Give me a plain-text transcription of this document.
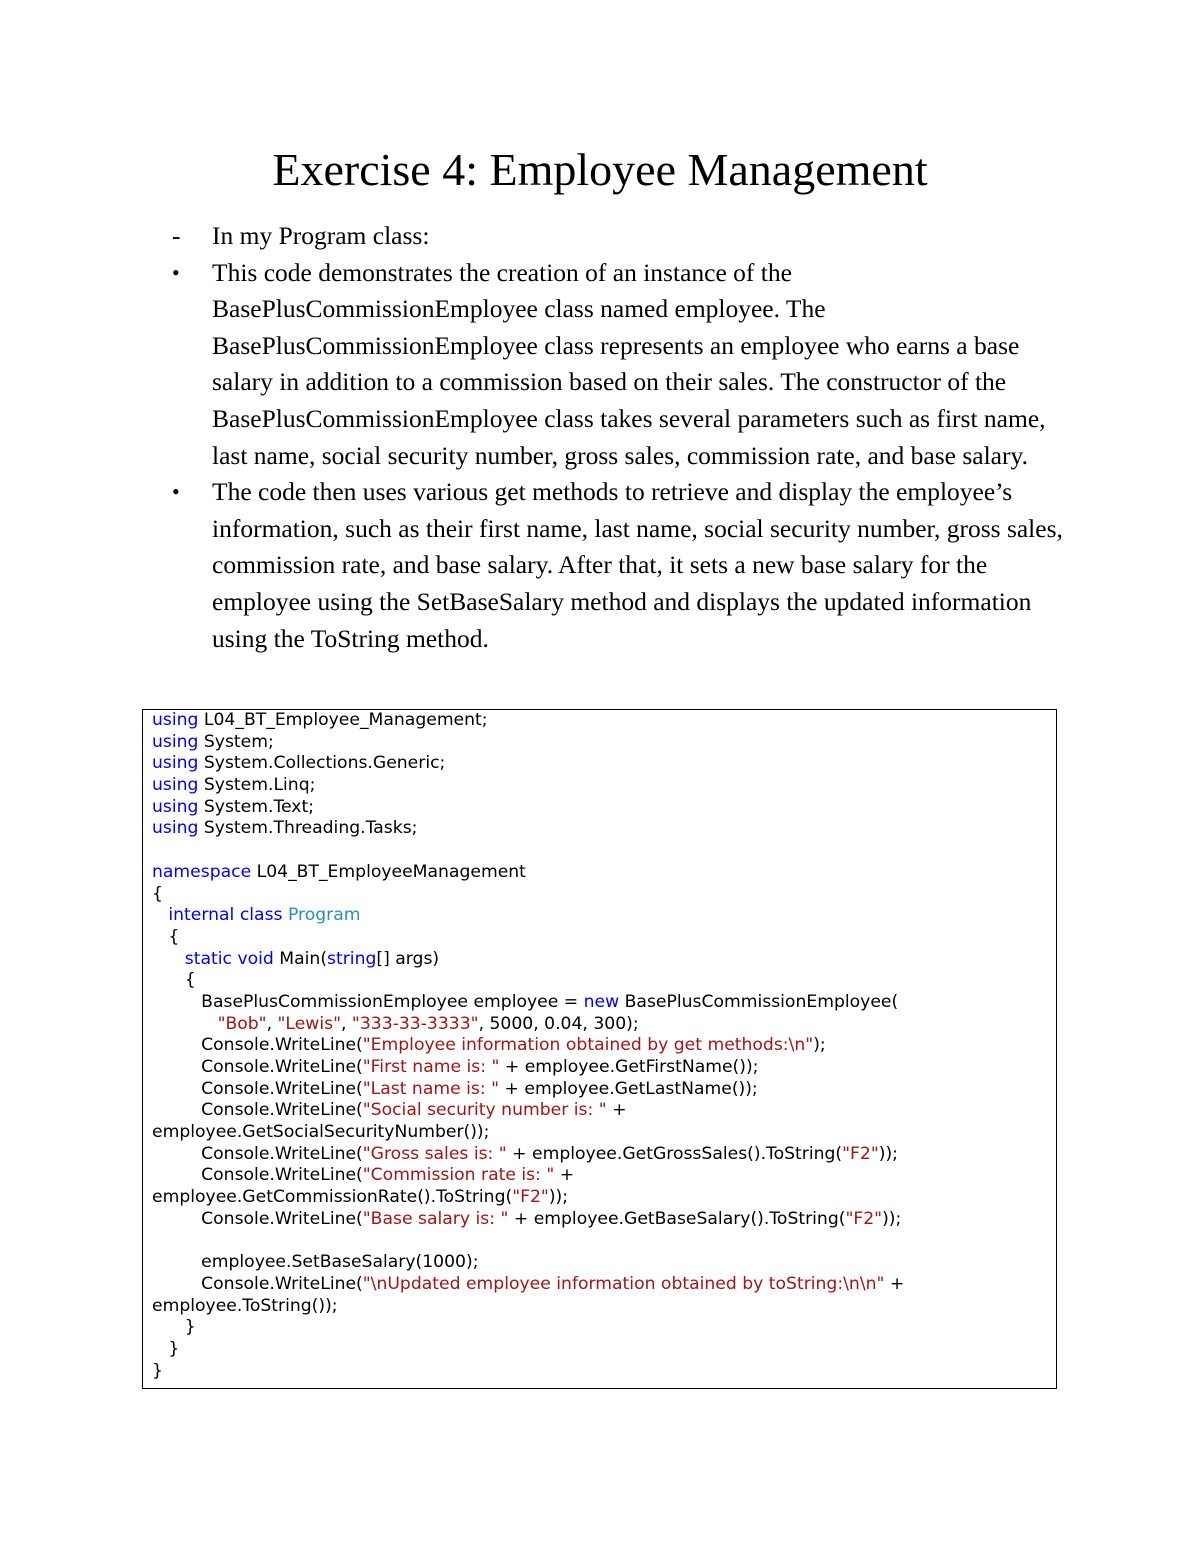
Exercise 4: Employee Management
-	In my Program class:
•	This code demonstrates the creation of an instance of the BasePlusCommissionEmployee class named employee. The BasePlusCommissionEmployee class represents an employee who earns a base salary in addition to a commission based on their sales. The constructor of the BasePlusCommissionEmployee class takes several parameters such as first name, last name, social security number, gross sales, commission rate, and base salary.
•	The code then uses various get methods to retrieve and display the employee’s information, such as their first name, last name, social security number, gross sales, commission rate, and base salary. After that, it sets a new base salary for the employee using the SetBaseSalary method and displays the updated information using the ToString method.
using L04_BT_Employee_Management;
using System;
using System.Collections.Generic;
using System.Linq;
using System.Text;
using System.Threading.Tasks;

namespace L04_BT_EmployeeManagement
{
internal class Program
{
static void Main(string[] args)
{
BasePlusCommissionEmployee employee = new BasePlusCommissionEmployee(
"Bob", "Lewis", "333-33-3333", 5000, 0.04, 300);
Console.WriteLine("Employee information obtained by get methods:\n");
Console.WriteLine("First name is: " + employee.GetFirstName());
Console.WriteLine("Last name is: " + employee.GetLastName());
Console.WriteLine("Social security number is: " +
employee.GetSocialSecurityNumber());
Console.WriteLine("Gross sales is: " + employee.GetGrossSales().ToString("F2"));
Console.WriteLine("Commission rate is: " +
employee.GetCommissionRate().ToString("F2"));
Console.WriteLine("Base salary is: " + employee.GetBaseSalary().ToString("F2"));

employee.SetBaseSalary(1000);
Console.WriteLine("\nUpdated employee information obtained by toString:\n\n" +
employee.ToString());
}
}
}
